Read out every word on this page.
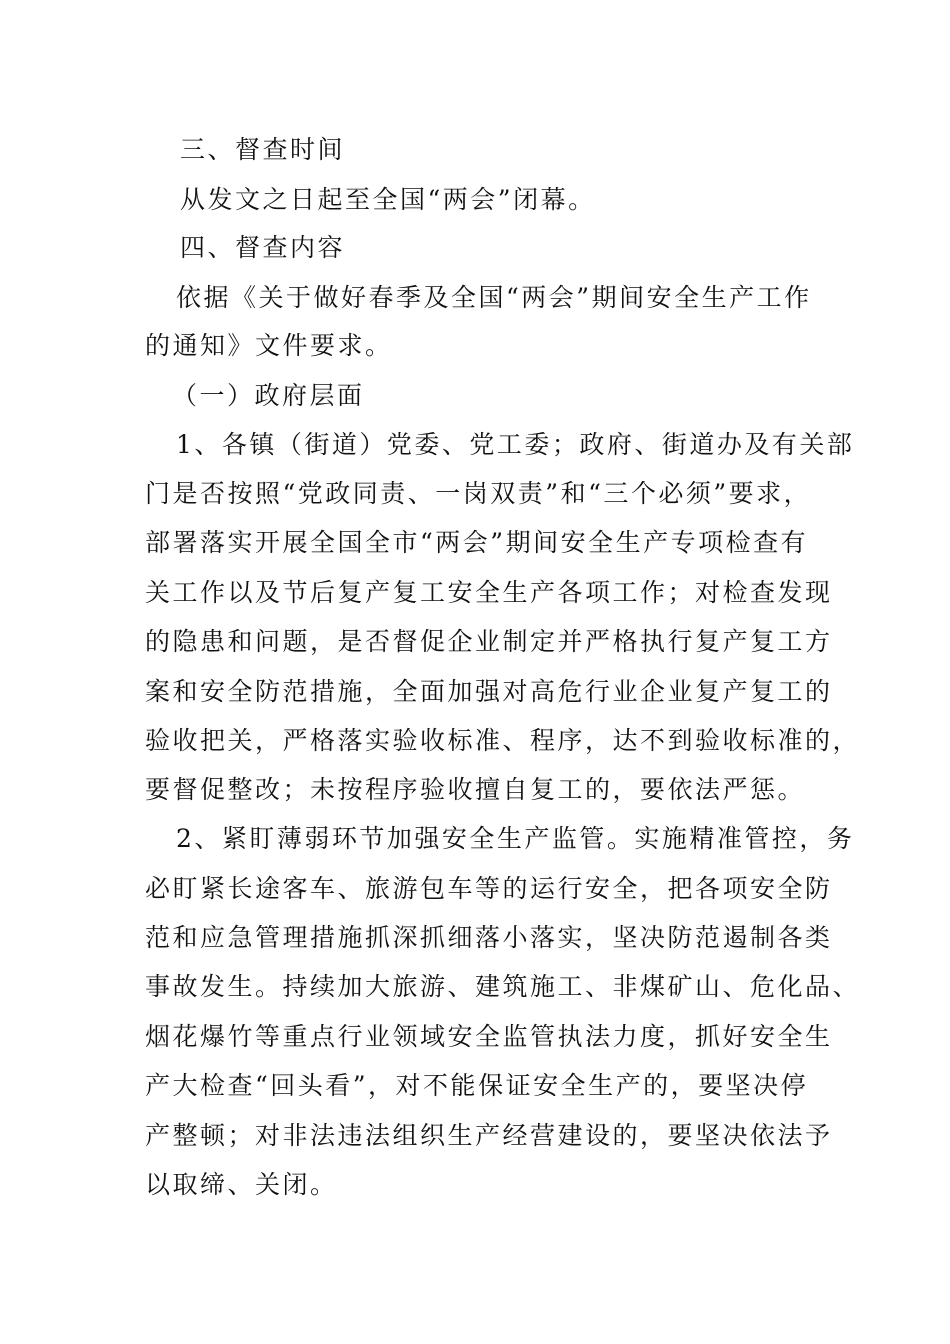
三、督查时间
从发文之日起至全国“两会”闭幕。
四、督查内容
依据《关于做好春季及全国“两会”期间安全生产工作
的通知》文件要求。
（一）政府层面
1、各镇（街道）党委、党工委；政府、街道办及有关部
门是否按照“党政同责、一岗双责”和“三个必须”要求，
部署落实开展全国全市“两会”期间安全生产专项检查有
关工作以及节后复产复工安全生产各项工作；对检查发现
的隐患和问题，是否督促企业制定并严格执行复产复工方
案和安全防范措施，全面加强对高危行业企业复产复工的
验收把关，严格落实验收标准、程序，达不到验收标准的，
要督促整改；未按程序验收擅自复工的，要依法严惩。
2、紧盯薄弱环节加强安全生产监管。实施精准管控，务
必盯紧长途客车、旅游包车等的运行安全，把各项安全防
范和应急管理措施抓深抓细落小落实，坚决防范遏制各类
事故发生。持续加大旅游、建筑施工、非煤矿山、危化品、
烟花爆竹等重点行业领域安全监管执法力度，抓好安全生
产大检查“回头看”，对不能保证安全生产的，要坚决停
产整顿；对非法违法组织生产经营建设的，要坚决依法予
以取缔、关闭。
